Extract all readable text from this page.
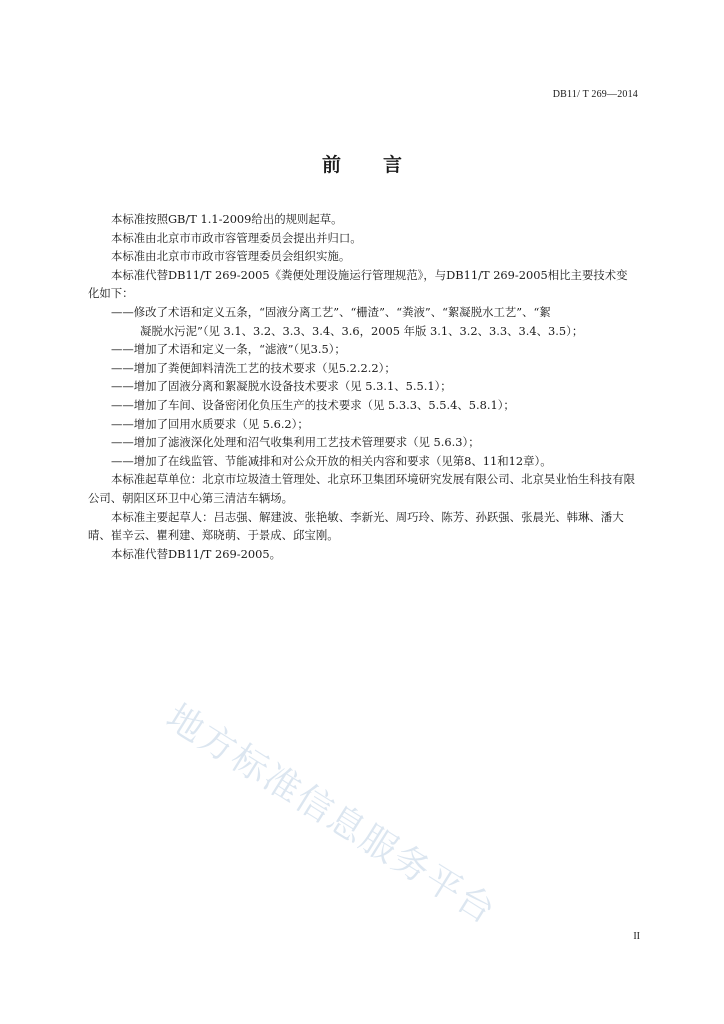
DB11/ T 269—2014
前 言

本标准按照GB/T 1.1-2009给出的规则起草。

本标准由北京市市政市容管理委员会提出并归口。

本标准由北京市市政市容管理委员会组织实施。

本标准代替DB11/T 269-2005《粪便处理设施运行管理规范》，与DB11/T 269-2005相比主要技术变化如下：

——修改了术语和定义五条，“固液分离工艺”、“栅渣”、“粪液”、“絮凝脱水工艺”、“絮

凝脱水污泥”（见 3.1、3.2、3.3、3.4、3.6，2005 年版 3.1、3.2、3.3、3.4、3.5）；

——增加了术语和定义一条，“滤液”（见3.5）；

——增加了粪便卸料清洗工艺的技术要求（见5.2.2.2）；

——增加了固液分离和絮凝脱水设备技术要求（见 5.3.1、5.5.1）；

——增加了车间、设备密闭化负压生产的技术要求（见 5.3.3、5.5.4、5.8.1）；

——增加了回用水质要求（见 5.6.2）；

——增加了滤液深化处理和沼气收集利用工艺技术管理要求（见 5.6.3）；

——增加了在线监管、节能减排和对公众开放的相关内容和要求（见第8、11和12章）。

本标准起草单位：北京市垃圾渣土管理处、北京环卫集团环境研究发展有限公司、北京昊业怡生科技有限公司、朝阳区环卫中心第三清洁车辆场。

本标准主要起草人：吕志强、解建波、张艳敏、李新光、周巧玲、陈芳、孙跃强、张晨光、韩琳、潘大晴、崔辛云、瞿利建、郑晓萌、于景成、邱宝刚。

本标准代替DB11/T 269-2005。

地方标准信息服务平台
II
